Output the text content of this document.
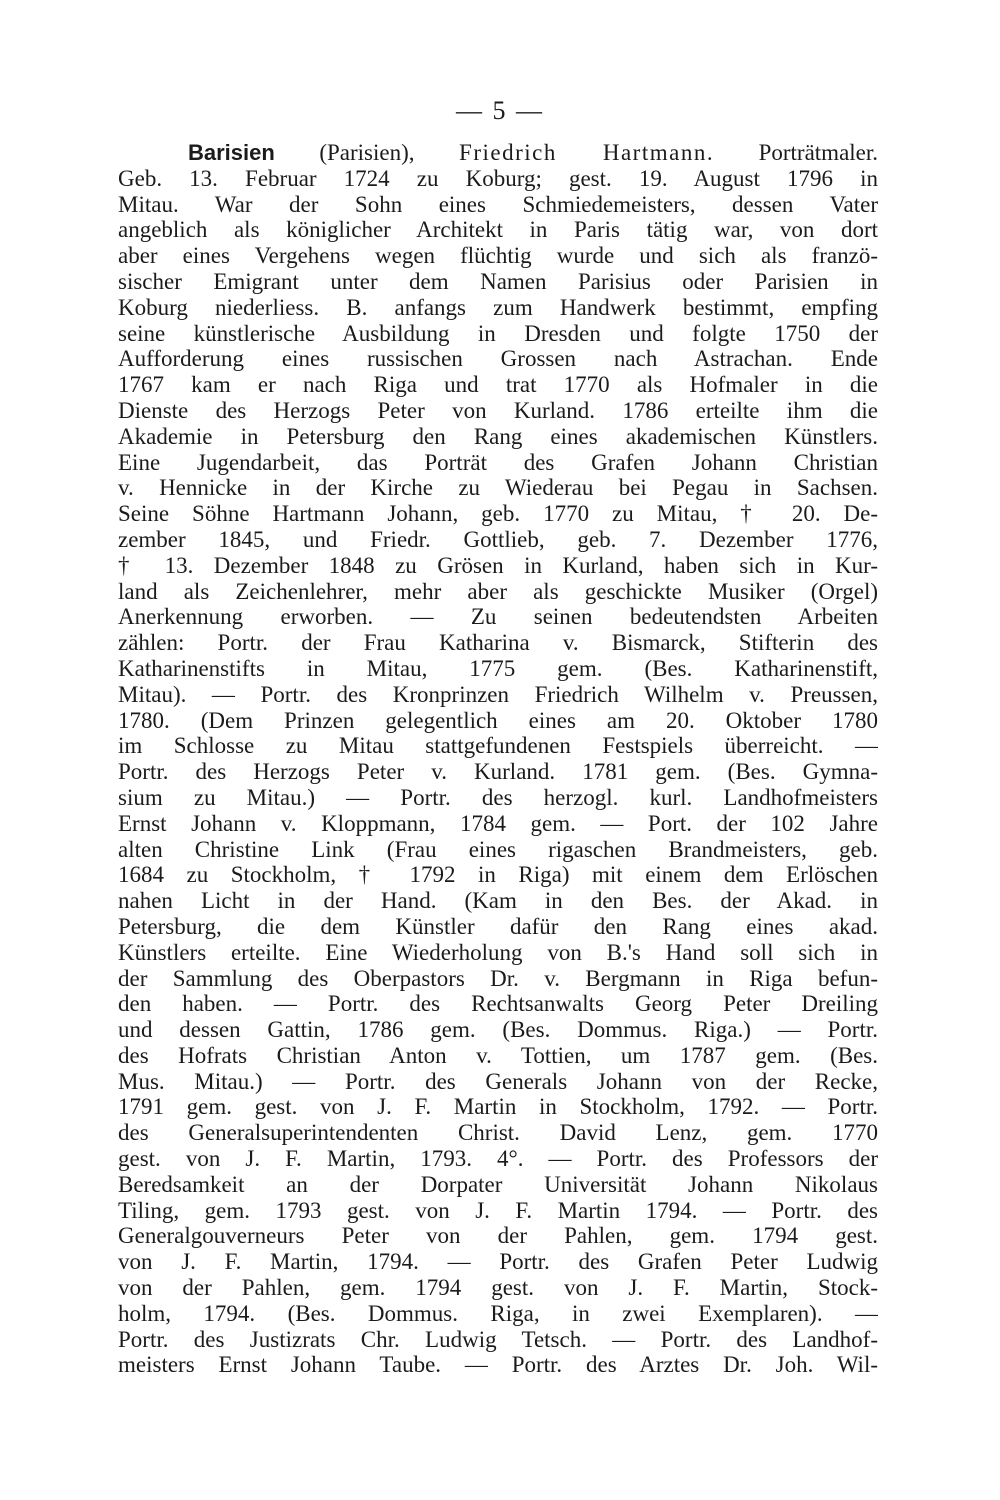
— 5 —
Barisien (Parisien), Friedrich Hartmann. Porträtmaler.
Geb. 13. Februar 1724 zu Koburg; gest. 19. August 1796 in
Mitau. War der Sohn eines Schmiedemeisters, dessen Vater
angeblich als königlicher Architekt in Paris tätig war, von dort
aber eines Vergehens wegen flüchtig wurde und sich als franzö-
sischer Emigrant unter dem Namen Parisius oder Parisien in
Koburg niederliess. B. anfangs zum Handwerk bestimmt, empfing
seine künstlerische Ausbildung in Dresden und folgte 1750 der
Aufforderung eines russischen Grossen nach Astrachan. Ende
1767 kam er nach Riga und trat 1770 als Hofmaler in die
Dienste des Herzogs Peter von Kurland. 1786 erteilte ihm die
Akademie in Petersburg den Rang eines akademischen Künstlers.
Eine Jugendarbeit, das Porträt des Grafen Johann Christian
v. Hennicke in der Kirche zu Wiederau bei Pegau in Sachsen.
Seine Söhne Hartmann Johann, geb. 1770 zu Mitau, † 20. De-
zember 1845, und Friedr. Gottlieb, geb. 7. Dezember 1776,
† 13. Dezember 1848 zu Grösen in Kurland, haben sich in Kur-
land als Zeichenlehrer, mehr aber als geschickte Musiker (Orgel)
Anerkennung erworben. — Zu seinen bedeutendsten Arbeiten
zählen: Portr. der Frau Katharina v. Bismarck, Stifterin des
Katharinenstifts in Mitau, 1775 gem. (Bes. Katharinenstift,
Mitau). — Portr. des Kronprinzen Friedrich Wilhelm v. Preussen,
1780. (Dem Prinzen gelegentlich eines am 20. Oktober 1780
im Schlosse zu Mitau stattgefundenen Festspiels überreicht. —
Portr. des Herzogs Peter v. Kurland. 1781 gem. (Bes. Gymna-
sium zu Mitau.) — Portr. des herzogl. kurl. Landhofmeisters
Ernst Johann v. Kloppmann, 1784 gem. — Port. der 102 Jahre
alten Christine Link (Frau eines rigaschen Brandmeisters, geb.
1684 zu Stockholm, † 1792 in Riga) mit einem dem Erlöschen
nahen Licht in der Hand. (Kam in den Bes. der Akad. in
Petersburg, die dem Künstler dafür den Rang eines akad.
Künstlers erteilte. Eine Wiederholung von B.'s Hand soll sich in
der Sammlung des Oberpastors Dr. v. Bergmann in Riga befun-
den haben. — Portr. des Rechtsanwalts Georg Peter Dreiling
und dessen Gattin, 1786 gem. (Bes. Dommus. Riga.) — Portr.
des Hofrats Christian Anton v. Tottien, um 1787 gem. (Bes.
Mus. Mitau.) — Portr. des Generals Johann von der Recke,
1791 gem. gest. von J. F. Martin in Stockholm, 1792. — Portr.
des Generalsuperintendenten Christ. David Lenz, gem. 1770
gest. von J. F. Martin, 1793. 4°. — Portr. des Professors der
Beredsamkeit an der Dorpater Universität Johann Nikolaus
Tiling, gem. 1793 gest. von J. F. Martin 1794. — Portr. des
Generalgouverneurs Peter von der Pahlen, gem. 1794 gest.
von J. F. Martin, 1794. — Portr. des Grafen Peter Ludwig
von der Pahlen, gem. 1794 gest. von J. F. Martin, Stock-
holm, 1794. (Bes. Dommus. Riga, in zwei Exemplaren). —
Portr. des Justizrats Chr. Ludwig Tetsch. — Portr. des Landhof-
meisters Ernst Johann Taube. — Portr. des Arztes Dr. Joh. Wil-
